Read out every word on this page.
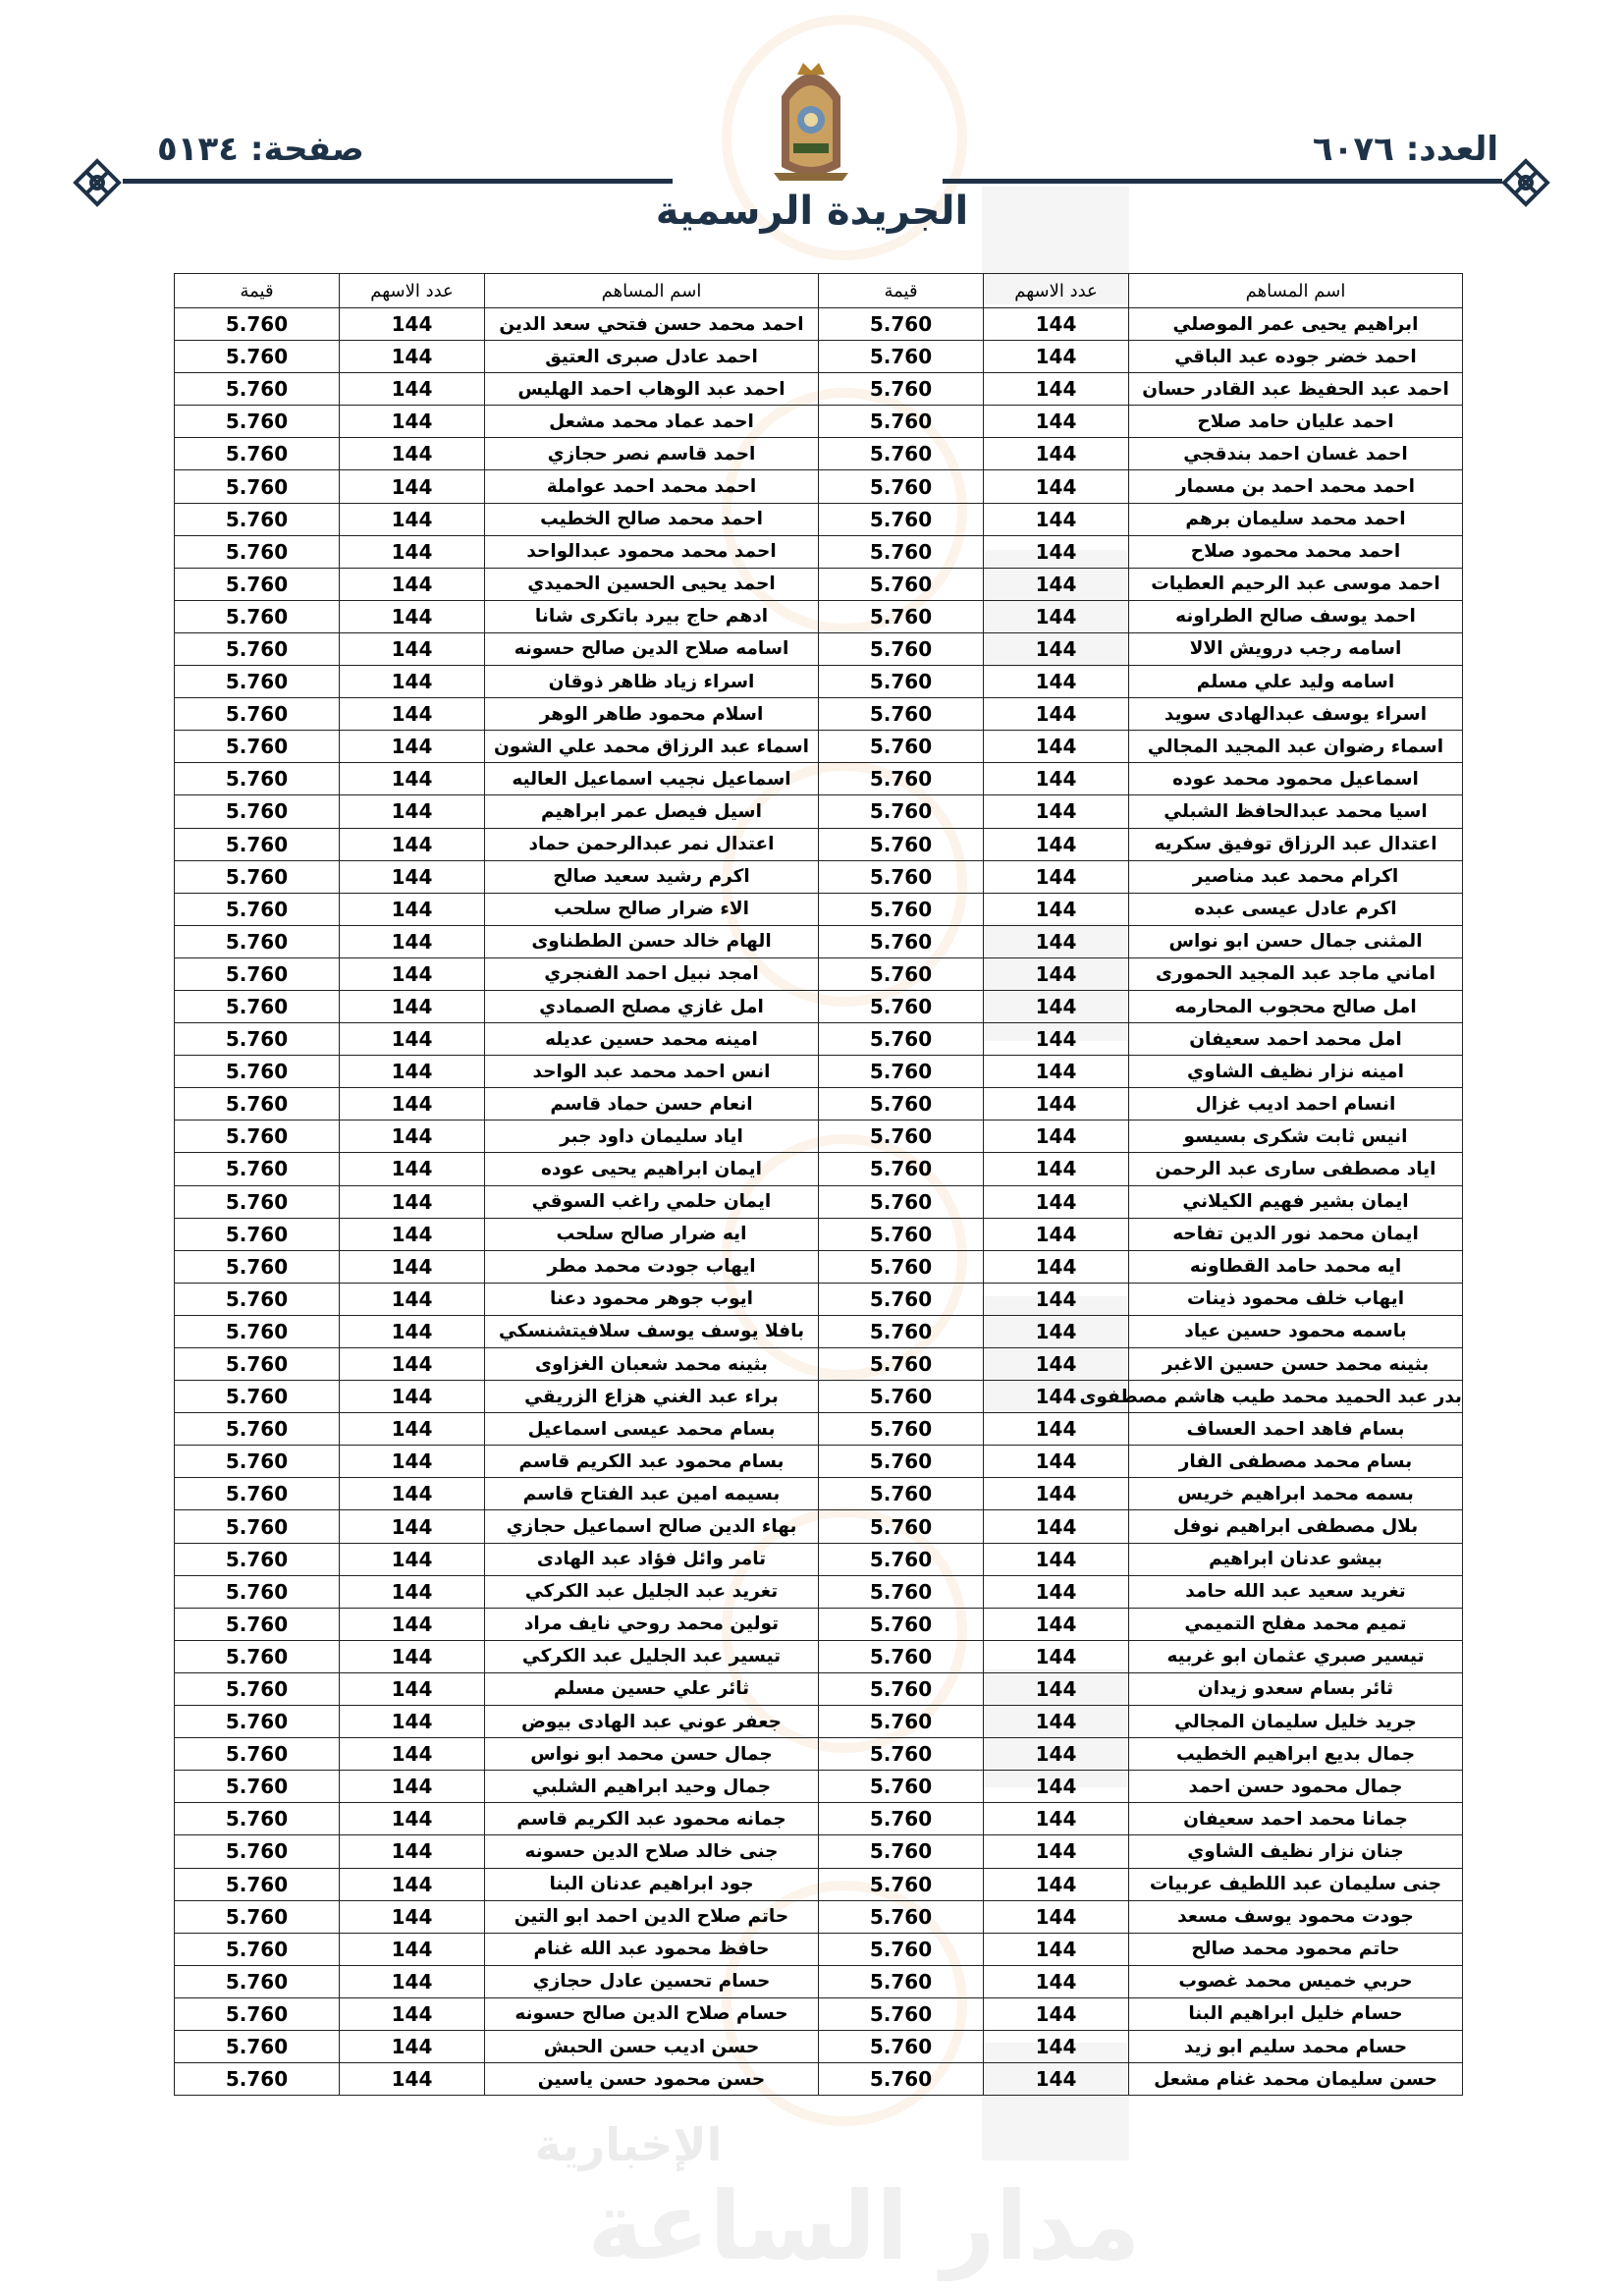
الإخبارية
مدار الساعة
العدد: ٦٠٧٦
صفحة: ٥١٣٤
الجريدة الرسمية
اسم المساهم	عدد الاسهم	قيمة	اسم المساهم	عدد الاسهم	قيمة
ابراهيم يحيى عمر الموصلي	144	5.760	احمد محمد حسن فتحي سعد الدين	144	5.760
احمد خضر جوده عبد الباقي	144	5.760	احمد عادل صبرى العتيق	144	5.760
احمد عبد الحفيظ عبد القادر حسان	144	5.760	احمد عبد الوهاب احمد الهليس	144	5.760
احمد عليان حامد صلاح	144	5.760	احمد عماد محمد مشعل	144	5.760
احمد غسان احمد بندقجي	144	5.760	احمد قاسم نصر حجازي	144	5.760
احمد محمد احمد بن مسمار	144	5.760	احمد محمد احمد عواملة	144	5.760
احمد محمد سليمان برهم	144	5.760	احمد محمد صالح الخطيب	144	5.760
احمد محمد محمود صلاح	144	5.760	احمد محمد محمود عبدالواحد	144	5.760
احمد موسى عبد الرحيم العطيات	144	5.760	احمد يحيى الحسين الحميدي	144	5.760
احمد يوسف صالح الطراونه	144	5.760	ادهم حاج بيرد باتكرى شانا	144	5.760
اسامه رجب درويش الالا	144	5.760	اسامه صلاح الدين صالح حسونه	144	5.760
اسامه وليد علي مسلم	144	5.760	اسراء زياد ظاهر ذوقان	144	5.760
اسراء يوسف عبدالهادى سويد	144	5.760	اسلام محمود طاهر الوهر	144	5.760
اسماء رضوان عبد المجيد المجالي	144	5.760	اسماء عبد الرزاق محمد علي الشون	144	5.760
اسماعيل محمود محمد عوده	144	5.760	اسماعيل نجيب اسماعيل العاليه	144	5.760
اسيا محمد عبدالحافظ الشبلي	144	5.760	اسيل فيصل عمر ابراهيم	144	5.760
اعتدال عبد الرزاق توفيق سكريه	144	5.760	اعتدال نمر عبدالرحمن حماد	144	5.760
اكرام محمد عبد مناصير	144	5.760	اكرم رشيد سعيد صالح	144	5.760
اكرم عادل عيسى عبده	144	5.760	الاء ضرار صالح سلحب	144	5.760
المثنى جمال حسن ابو نواس	144	5.760	الهام خالد حسن الططناوى	144	5.760
اماني ماجد عبد المجيد الحمورى	144	5.760	امجد نبيل احمد الفنجري	144	5.760
امل صالح محجوب المحارمه	144	5.760	امل غازي مصلح الصمادي	144	5.760
امل محمد احمد سعيفان	144	5.760	امينه محمد حسين عديله	144	5.760
امينه نزار نظيف الشاوي	144	5.760	انس احمد محمد عبد الواحد	144	5.760
انسام احمد اديب غزال	144	5.760	انعام حسن حماد قاسم	144	5.760
انيس ثابت شكرى بسيسو	144	5.760	اياد سليمان داود جبر	144	5.760
اياد مصطفى سارى عبد الرحمن	144	5.760	ايمان ابراهيم يحيى عوده	144	5.760
ايمان بشير فهيم الكيلاني	144	5.760	ايمان حلمي راغب السوقي	144	5.760
ايمان محمد نور الدين تفاحه	144	5.760	ايه ضرار صالح سلحب	144	5.760
ايه محمد حامد القطاونه	144	5.760	ايهاب جودت محمد مطر	144	5.760
ايهاب خلف محمود ذينات	144	5.760	ايوب جوهر محمود دعنا	144	5.760
باسمه محمود حسين عياد	144	5.760	بافلا يوسف يوسف سلافيتشنسكي	144	5.760
بثينه محمد حسن حسين الاغبر	144	5.760	بثينه محمد شعبان الغزاوى	144	5.760
بدر عبد الحميد محمد طيب هاشم مصطفوى	144	5.760	براء عبد الغني هزاع الزريقي	144	5.760
بسام فاهد احمد العساف	144	5.760	بسام محمد عيسى اسماعيل	144	5.760
بسام محمد مصطفى الفار	144	5.760	بسام محمود عبد الكريم قاسم	144	5.760
بسمه محمد ابراهيم خريس	144	5.760	بسيمه امين عبد الفتاح قاسم	144	5.760
بلال مصطفى ابراهيم نوفل	144	5.760	بهاء الدين صالح اسماعيل حجازي	144	5.760
بيشو عدنان ابراهيم	144	5.760	تامر وائل فؤاد عبد الهادى	144	5.760
تغريد سعيد عبد الله حامد	144	5.760	تغريد عبد الجليل عبد الكركي	144	5.760
تميم محمد مفلح التميمي	144	5.760	تولين محمد روحي نايف مراد	144	5.760
تيسير صبري عثمان ابو غربيه	144	5.760	تيسير عبد الجليل عبد الكركي	144	5.760
ثائر بسام سعدو زيدان	144	5.760	ثائر علي حسين مسلم	144	5.760
جريد خليل سليمان المجالي	144	5.760	جعفر عوني عبد الهادى بيوض	144	5.760
جمال بديع ابراهيم الخطيب	144	5.760	جمال حسن محمد ابو نواس	144	5.760
جمال محمود حسن احمد	144	5.760	جمال وحيد ابراهيم الشلبي	144	5.760
جمانا محمد احمد سعيفان	144	5.760	جمانه محمود عبد الكريم قاسم	144	5.760
جنان نزار نظيف الشاوي	144	5.760	جنى خالد صلاح الدين حسونه	144	5.760
جنى سليمان عبد اللطيف عربيات	144	5.760	جود ابراهيم عدنان البنا	144	5.760
جودت محمود يوسف مسعد	144	5.760	حاتم صلاح الدين احمد ابو التين	144	5.760
حاتم محمود محمد صالح	144	5.760	حافظ محمود عبد الله غنام	144	5.760
حربي خميس محمد غصوب	144	5.760	حسام تحسين عادل حجازي	144	5.760
حسام خليل ابراهيم البنا	144	5.760	حسام صلاح الدين صالح حسونه	144	5.760
حسام محمد سليم ابو زيد	144	5.760	حسن اديب حسن الحبش	144	5.760
حسن سليمان محمد غنام مشعل	144	5.760	حسن محمود حسن ياسين	144	5.760
